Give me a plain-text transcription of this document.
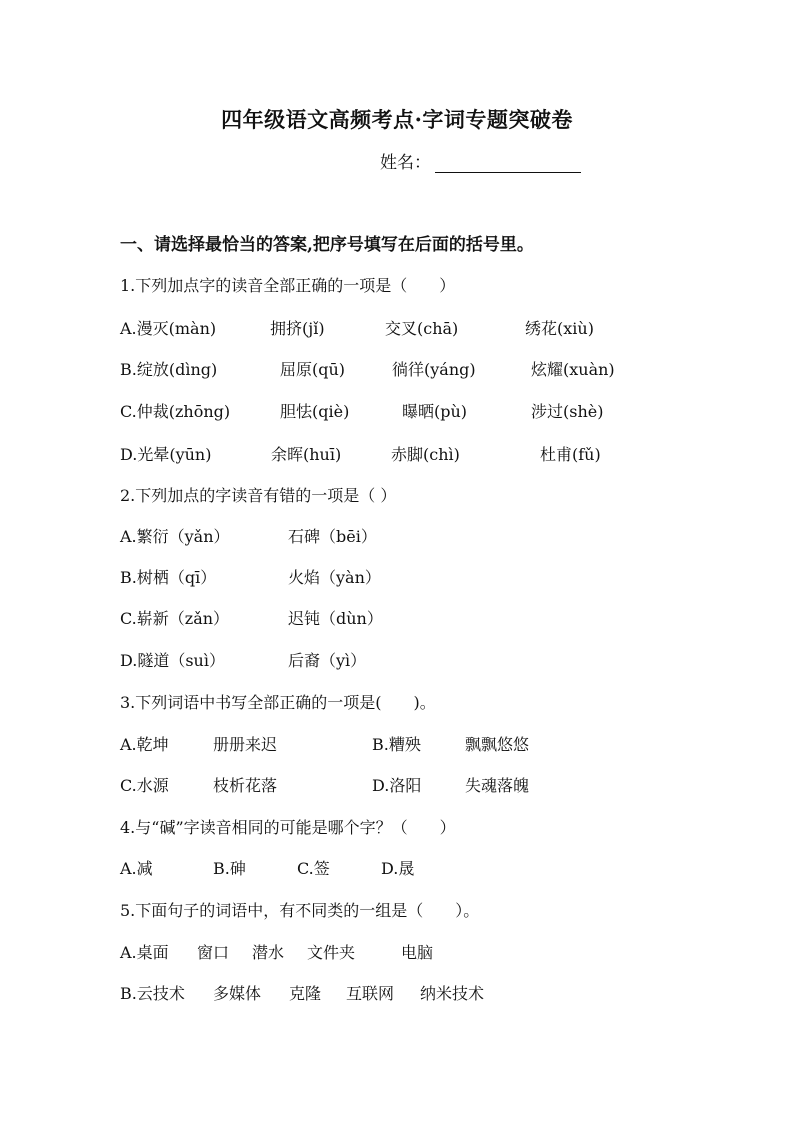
四年级语文高频考点·字词专题突破卷
姓名：
一、请选择最恰当的答案,把序号填写在后面的括号里。
1.下列加点字的读音全部正确的一项是（　　）
A.漫灭(màn)	拥挤(jǐ)	交叉(chā)	绣花(xiù)
B.绽放(dìng)	屈原(qū)	徜徉(yáng)	炫耀(xuàn)
C.仲裁(zhōng)	胆怯(qiè)	曝晒(pù)	涉过(shè)
D.光晕(yūn)	余晖(huī)	赤脚(chì)	杜甫(fǔ)
2.下列加点的字读音有错的一项是（ ）
A.繁衍（yǎn）	石碑（bēi）
B.树栖（qī）	火焰（yàn）
C.崭新（zǎn）	迟钝（dùn）
D.隧道（suì）	后裔（yì）
3.下列词语中书写全部正确的一项是(　　)。
A.乾坤	册册来迟	B.糟殃	飘飘悠悠
C.水源	枝析花落	D.洛阳	失魂落魄
4.与“碱”字读音相同的可能是哪个字？（　　）
A.减	B.砷	C.签	D.晟
5.下面句子的词语中，有不同类的一组是（　　）。
A.桌面 窗口 潜水 文件夹	电脑
B.云技术 多媒体 克隆 互联网 纳米技术
